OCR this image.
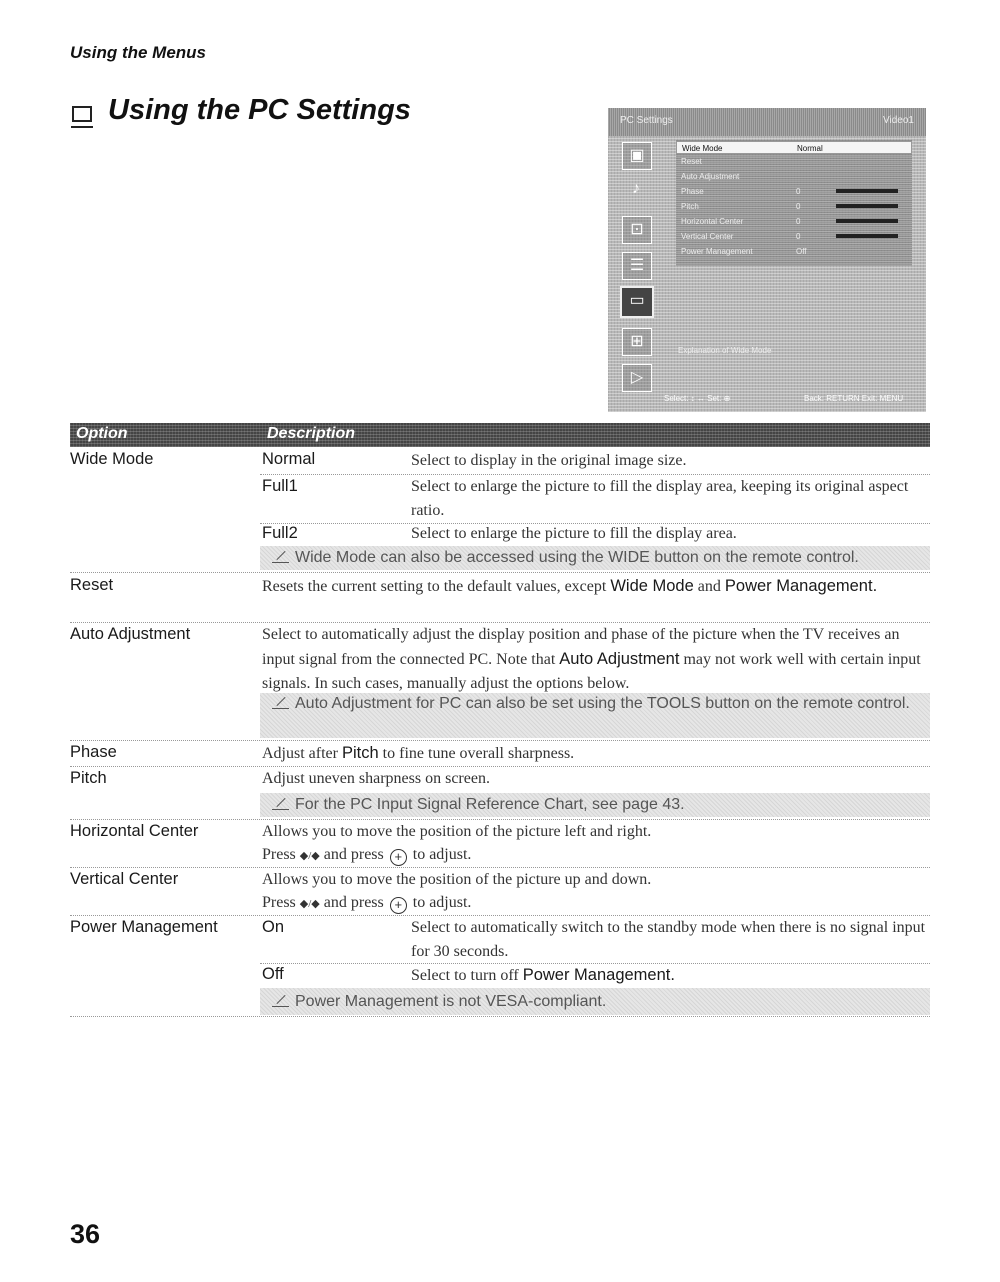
Using the Menus
Using the PC Settings	PC Settings	Video1
▣
♪
⊡
☰
▭
⊞
▷
Wide Mode	Normal
Reset
Auto Adjustment
Phase	0
Pitch	0
Horizontal Center	0
Vertical Center	0
Power Management	Off
Explanation of Wide Mode
Select: ↕ ↔ Set: ⊕	Back: RETURN Exit: MENU
Option	Description
Wide Mode	Normal	Select to display in the original image size.
Full1	Select to enlarge the picture to fill the display area, keeping its original aspect ratio.
Full2	Select to enlarge the picture to fill the display area.
Wide Mode can also be accessed using the WIDE button on the remote control.
Reset	Resets the current setting to the default values, except Wide Mode and Power Management.
Auto Adjustment	Select to automatically adjust the display position and phase of the picture when the TV receives an input signal from the connected PC. Note that Auto Adjustment may not work well with certain input signals. In such cases, manually adjust the options below.
Auto Adjustment for PC can also be set using the TOOLS button on the remote control.
Phase	Adjust after Pitch to fine tune overall sharpness.
Pitch	Adjust uneven sharpness on screen.
For the PC Input Signal Reference Chart, see page 43.
Horizontal Center	Allows you to move the position of the picture left and right.
Press ◆/◆ and press + to adjust.
Vertical Center	Allows you to move the position of the picture up and down.
Press ◆/◆ and press + to adjust.
Power Management	On	Select to automatically switch to the standby mode when there is no signal input for 30 seconds.
Off	Select to turn off Power Management.
Power Management is not VESA-compliant.
36
